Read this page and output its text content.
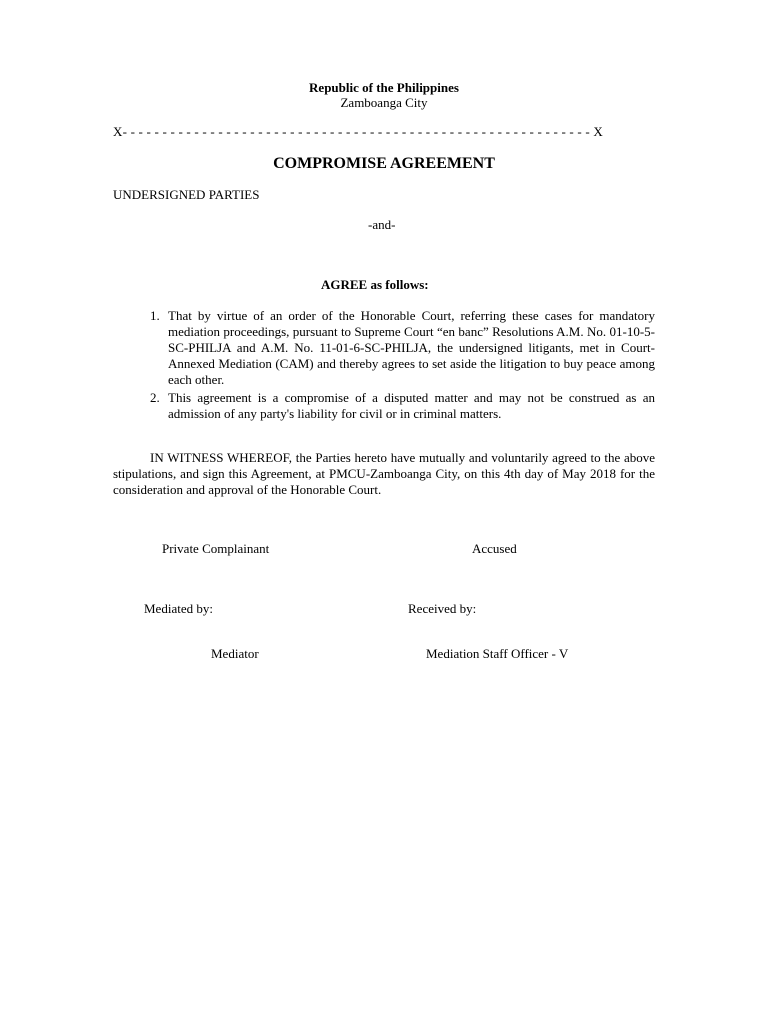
Republic of the Philippines
Zamboanga City
X- - - - - - - - - - - - - - - - - - - - - - - - - - - - - - - - - - - - - - - - - - - - - - - - - - - - - - - - - - - X
COMPROMISE AGREEMENT
UNDERSIGNED PARTIES
-and-
AGREE as follows:
1. That by virtue of an order of the Honorable Court, referring these cases for mandatory mediation proceedings, pursuant to Supreme Court “en banc” Resolutions A.M. No. 01-10-5-SC-PHILJA and A.M. No. 11-01-6-SC-PHILJA, the undersigned litigants, met in Court-Annexed Mediation (CAM) and thereby agrees to set aside the litigation to buy peace among each other.
2. This agreement is a compromise of a disputed matter and may not be construed as an admission of any party's liability for civil or in criminal matters.
IN WITNESS WHEREOF, the Parties hereto have mutually and voluntarily agreed to the above stipulations, and sign this Agreement, at PMCU-Zamboanga City, on this 4th day of May 2018 for the consideration and approval of the Honorable Court.
Private Complainant	Accused
Mediated by:	Received by:
Mediator	Mediation Staff Officer - V
